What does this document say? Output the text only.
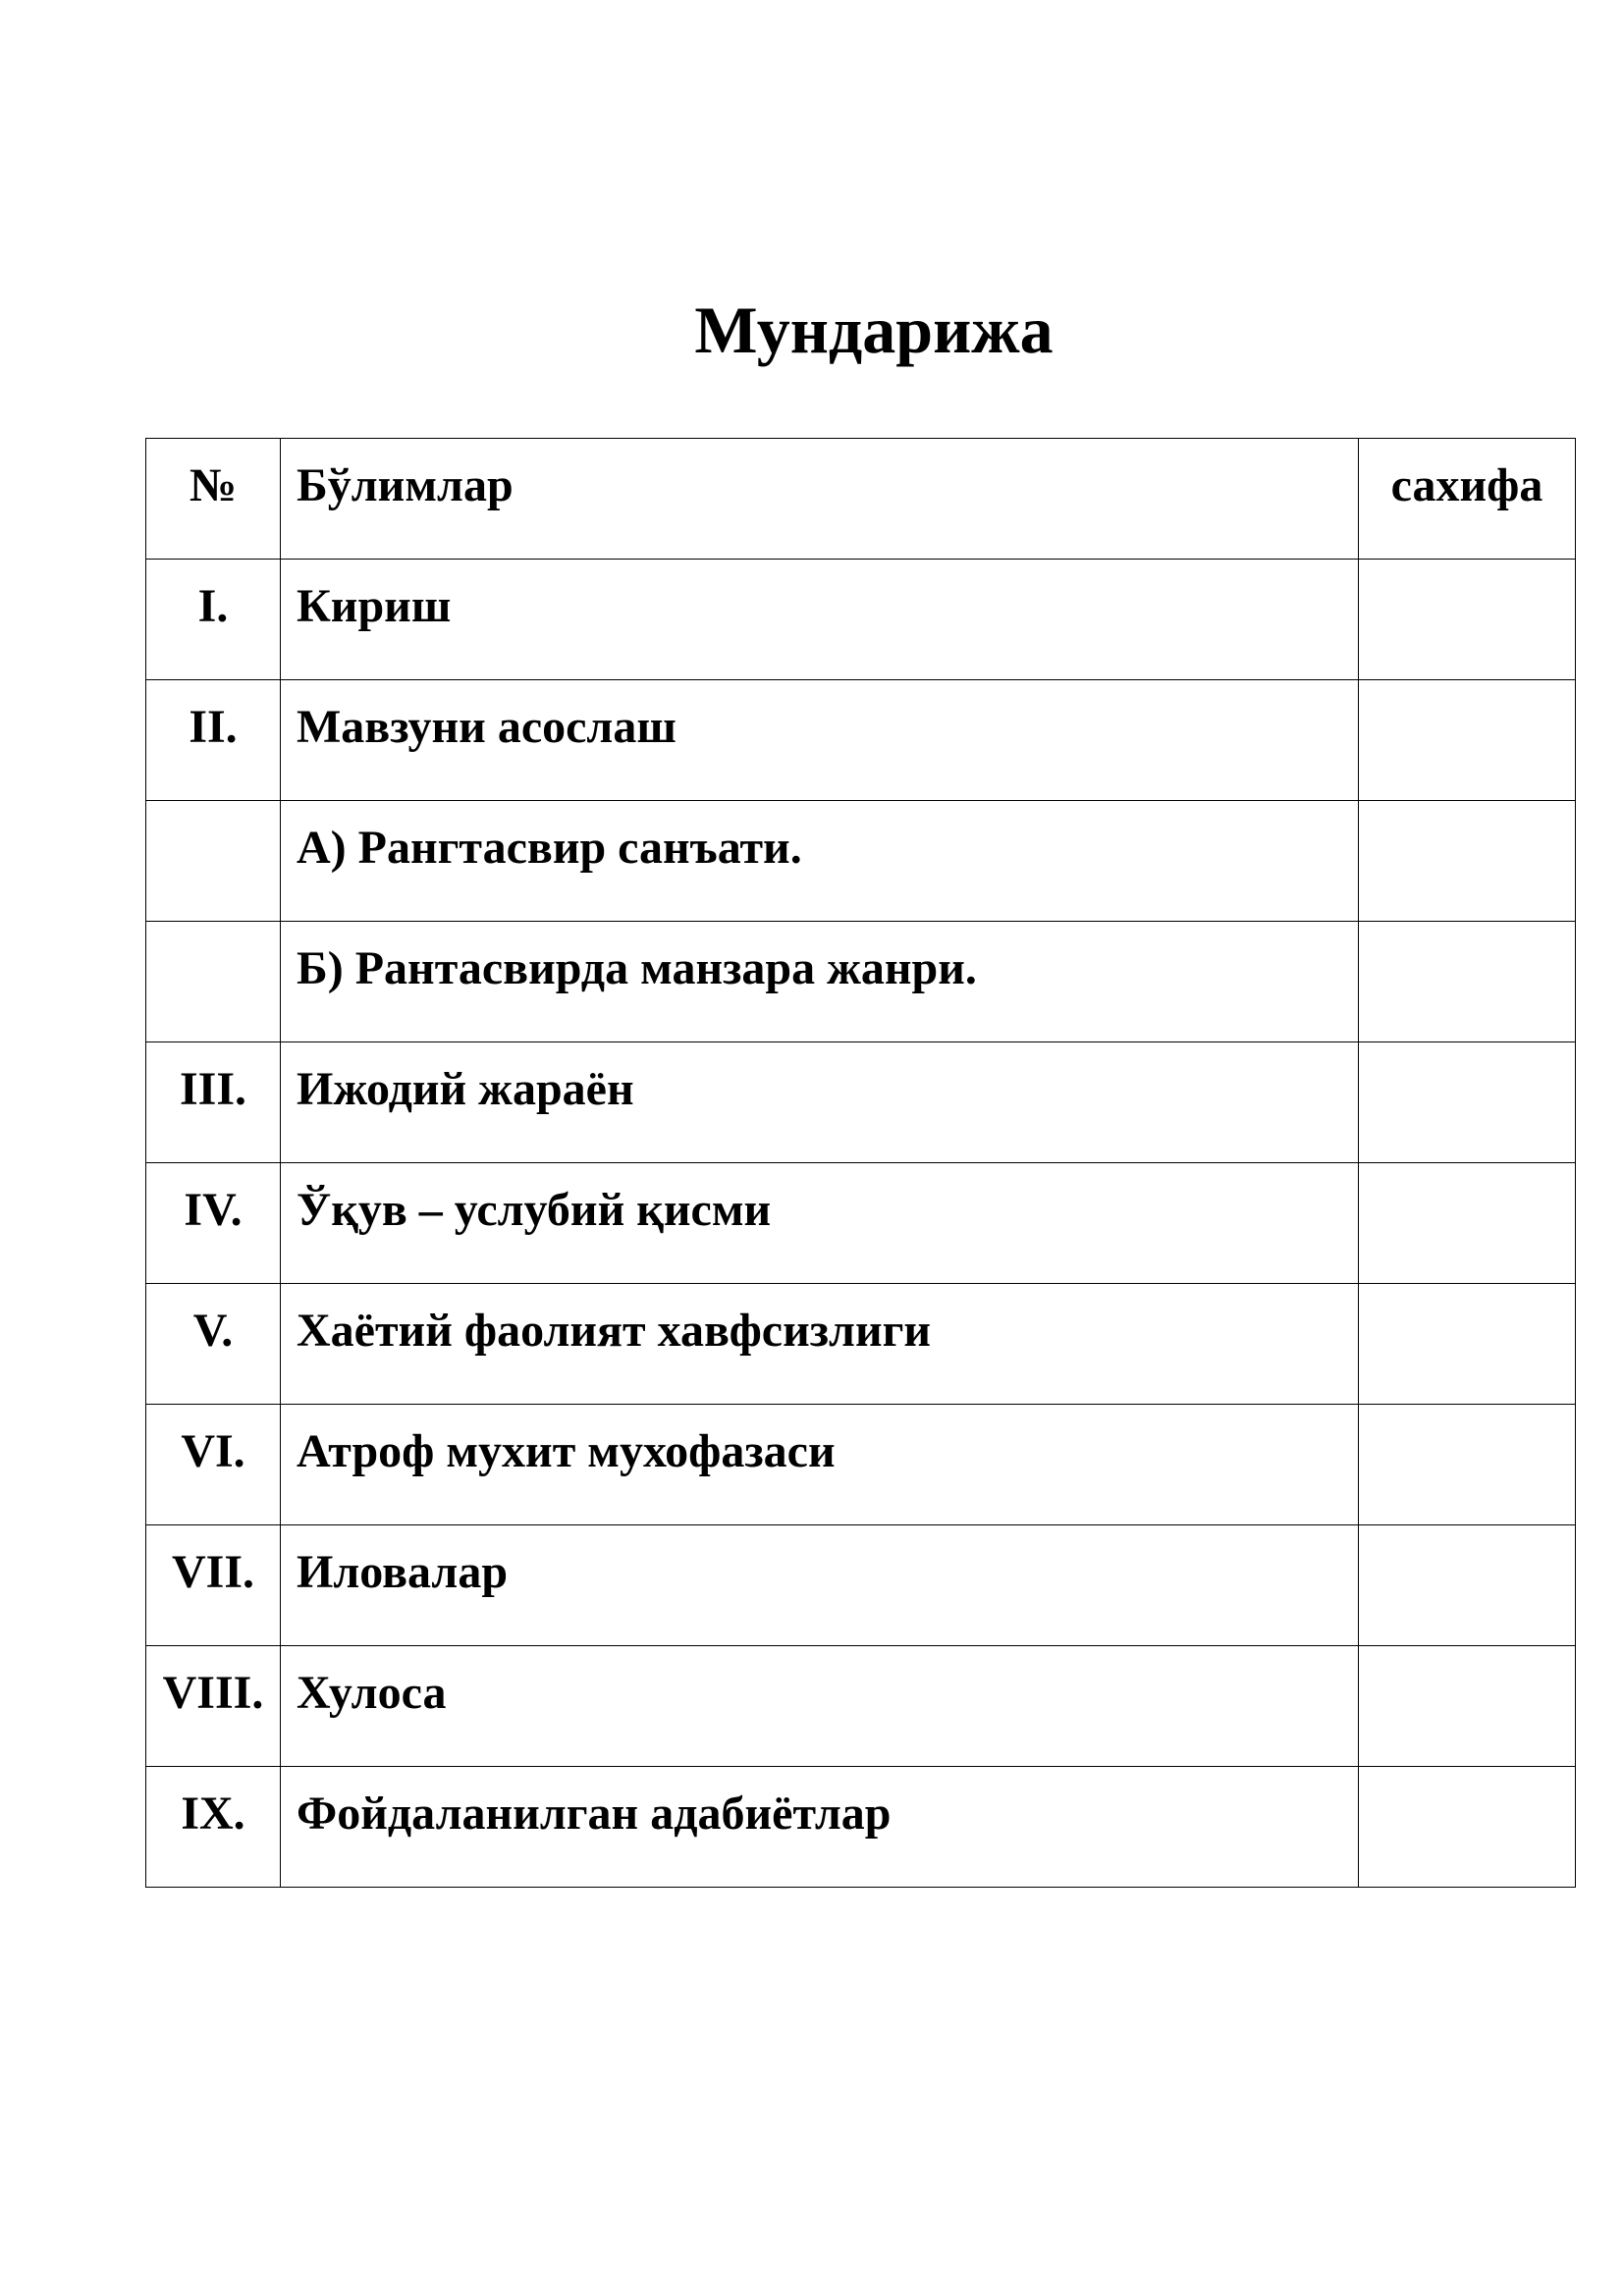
Мундарижа
№	Бўлимлар	сахифа

I.	Кириш	

II.	Мавзуни асослаш	

	А) Рангтасвир санъати.	

	Б) Рантасвирда манзара жанри.	

III.	Ижодий жараён	

IV.	Ўқув – услубий қисми	

V.	Хаётий фаолият хавфсизлиги	

VI.	Атроф мухит мухофазаси	

VII.	Иловалар	

VIII.	Хулоса	

IX.	Фойдаланилган адабиётлар	
